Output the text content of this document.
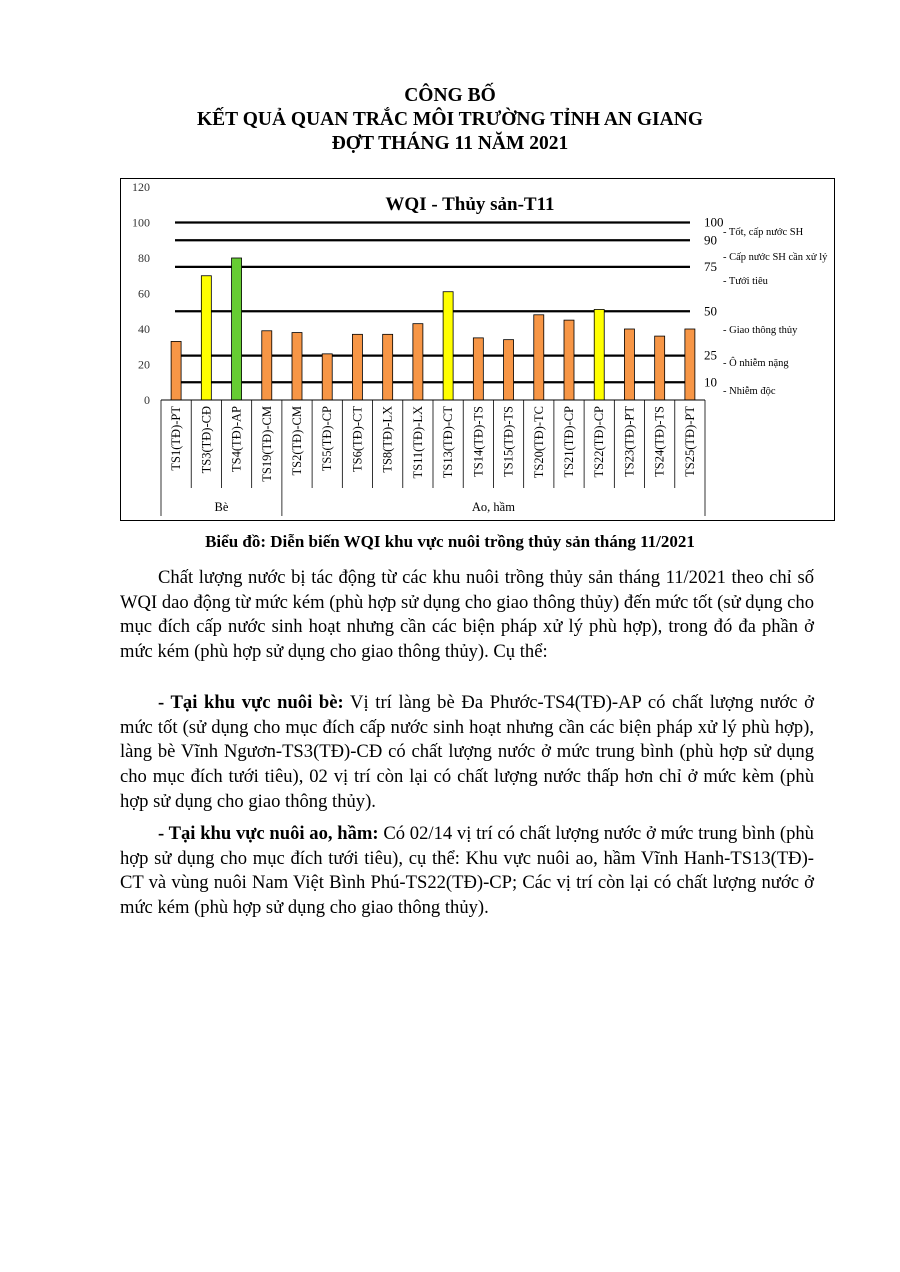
CÔNG BỐ
KẾT QUẢ QUAN TRẮC MÔI TRƯỜNG TỈNH AN GIANG
ĐỢT THÁNG 11 NĂM 2021
WQI - Thủy sản-T11
0
20
40
60
80
100
120
100
90
75
50
25
10
- Tốt, cấp nước SH
- Cấp nước SH cần xử lý
- Tưới tiêu
- Giao thông thủy
- Ô nhiễm nặng
- Nhiễm độc
TS1(TĐ)-PT TS3(TĐ)-CĐ TS4(TĐ)-AP TS19(TĐ)-CM TS2(TĐ)-CM TS5(TĐ)-CP TS6(TĐ)-CT TS8(TĐ)-LX TS11(TĐ)-LX TS13(TĐ)-CT TS14(TĐ)-TS TS15(TĐ)-TS TS20(TĐ)-TC TS21(TĐ)-CP TS22(TĐ)-CP TS23(TĐ)-PT TS24(TĐ)-TS TS25(TĐ)-PT
Bè	Ao, hầm
Biểu đồ: Diễn biến WQI khu vực nuôi trồng thủy sản tháng 11/2021

Chất lượng nước bị tác động từ các khu nuôi trồng thủy sản tháng 11/2021 theo chỉ số WQI dao động từ mức kém (phù hợp sử dụng cho giao thông thủy) đến mức tốt (sử dụng cho mục đích cấp nước sinh hoạt nhưng cần các biện pháp xử lý phù hợp), trong đó đa phần ở mức kém (phù hợp sử dụng cho giao thông thủy). Cụ thể:

- Tại khu vực nuôi bè: Vị trí làng bè Đa Phước-TS4(TĐ)-AP có chất lượng nước ở mức tốt (sử dụng cho mục đích cấp nước sinh hoạt nhưng cần các biện pháp xử lý phù hợp), làng bè Vĩnh Ngươn-TS3(TĐ)-CĐ có chất lượng nước ở mức trung bình (phù hợp sử dụng cho mục đích tưới tiêu), 02 vị trí còn lại có chất lượng nước thấp hơn chỉ ở mức kèm (phù hợp sử dụng cho giao thông thủy).

- Tại khu vực nuôi ao, hầm: Có 02/14 vị trí có chất lượng nước ở mức trung bình (phù hợp sử dụng cho mục đích tưới tiêu), cụ thể: Khu vực nuôi ao, hầm Vĩnh Hanh-TS13(TĐ)-CT và vùng nuôi Nam Việt Bình Phú-TS22(TĐ)-CP; Các vị trí còn lại có chất lượng nước ở mức kém (phù hợp sử dụng cho giao thông thủy).
